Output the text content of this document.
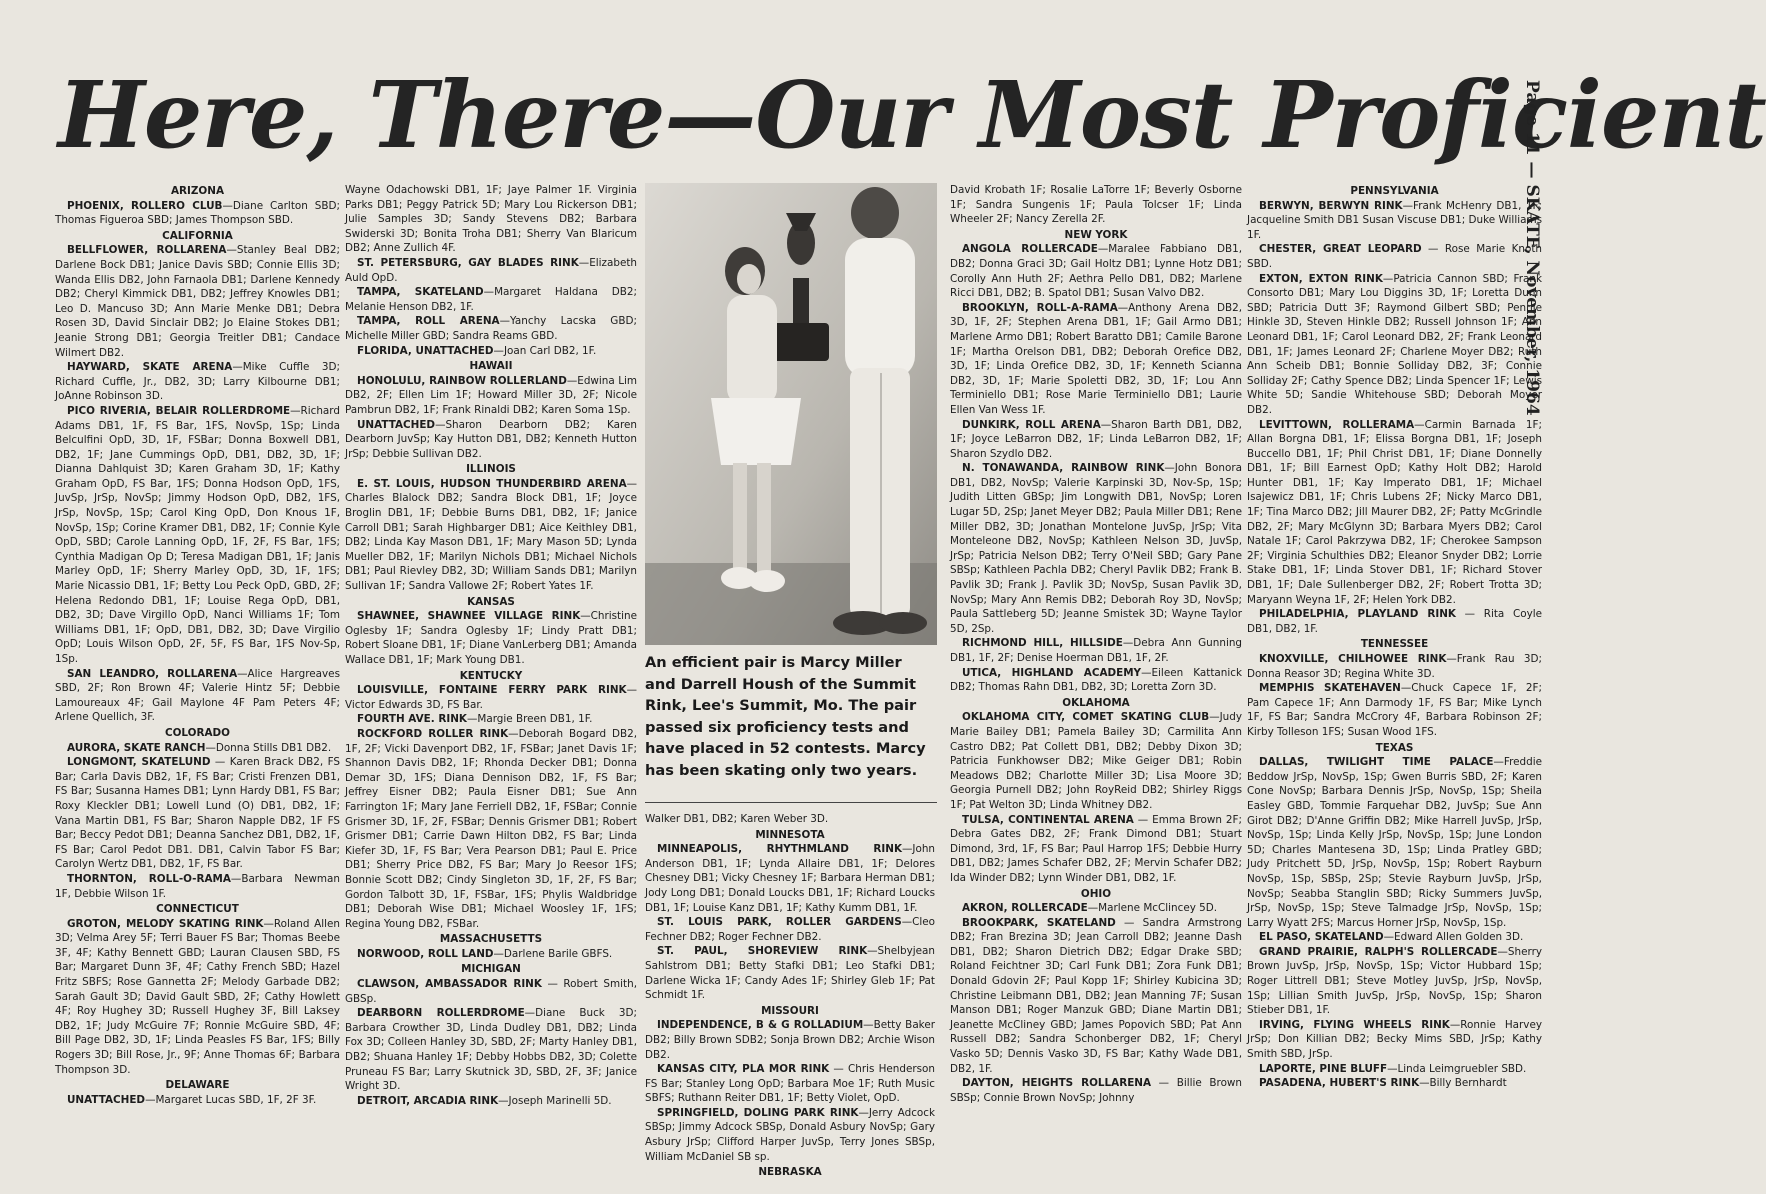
Here, There—Our Most Proficient
Page 11 — SKATE, November, 1964
ARIZONA

PHOENIX, ROLLERO CLUB—Diane Carlton SBD; Thomas Figueroa SBD; James Thompson SBD.

CALIFORNIA

BELLFLOWER, ROLLARENA—Stanley Beal DB2; Darlene Bock DB1; Janice Davis SBD; Connie Ellis 3D; Wanda Ellis DB2, John Farnaola DB1; Darlene Kennedy DB2; Cheryl Kimmick DB1, DB2; Jeffrey Knowles DB1; Leo D. Mancuso 3D; Ann Marie Menke DB1; Debra Rosen 3D, David Sinclair DB2; Jo Elaine Stokes DB1; Jeanie Strong DB1; Georgia Treitler DB1; Candace Wilmert DB2.

HAYWARD, SKATE ARENA—Mike Cuffle 3D; Richard Cuffle, Jr., DB2, 3D; Larry Kilbourne DB1; JoAnne Robinson 3D.

PICO RIVERIA, BELAIR ROLLERDROME—Richard Adams DB1, 1F, FS Bar, 1FS, NovSp, 1Sp; Linda Belculfini OpD, 3D, 1F, FSBar; Donna Boxwell DB1, DB2, 1F; Jane Cummings OpD, DB1, DB2, 3D, 1F; Dianna Dahlquist 3D; Karen Graham 3D, 1F; Kathy Graham OpD, FS Bar, 1FS; Donna Hodson OpD, 1FS, JuvSp, JrSp, NovSp; Jimmy Hodson OpD, DB2, 1FS, JrSp, NovSp, 1Sp; Carol King OpD, Don Knous 1F, NovSp, 1Sp; Corine Kramer DB1, DB2, 1F; Connie Kyle OpD, SBD; Carole Lanning OpD, 1F, 2F, FS Bar, 1FS; Cynthia Madigan Op D; Teresa Madigan DB1, 1F; Janis Marley OpD, 1F; Sherry Marley OpD, 3D, 1F, 1FS; Marie Nicassio DB1, 1F; Betty Lou Peck OpD, GBD, 2F; Helena Redondo DB1, 1F; Louise Rega OpD, DB1, DB2, 3D; Dave Virgillo OpD, Nanci Williams 1F; Tom Williams DB1, 1F; OpD, DB1, DB2, 3D; Dave Virgilio OpD; Louis Wilson OpD, 2F, 5F, FS Bar, 1FS Nov-Sp, 1Sp.

SAN LEANDRO, ROLLARENA—Alice Hargreaves SBD, 2F; Ron Brown 4F; Valerie Hintz 5F; Debbie Lamoureaux 4F; Gail Maylone 4F Pam Peters 4F; Arlene Quellich, 3F.

COLORADO

AURORA, SKATE RANCH—Donna Stills DB1 DB2.

LONGMONT, SKATELUND — Karen Brack DB2, FS Bar; Carla Davis DB2, 1F, FS Bar; Cristi Frenzen DB1, FS Bar; Susanna Hames DB1; Lynn Hardy DB1, FS Bar; Roxy Kleckler DB1; Lowell Lund (O) DB1, DB2, 1F; Vana Martin DB1, FS Bar; Sharon Napple DB2, 1F FS Bar; Beccy Pedot DB1; Deanna Sanchez DB1, DB2, 1F, FS Bar; Carol Pedot DB1. DB1, Calvin Tabor FS Bar; Carolyn Wertz DB1, DB2, 1F, FS Bar.

THORNTON, ROLL-O-RAMA—Barbara Newman 1F, Debbie Wilson 1F.

CONNECTICUT

GROTON, MELODY SKATING RINK—Roland Allen 3D; Velma Arey 5F; Terri Bauer FS Bar; Thomas Beebe 3F, 4F; Kathy Bennett GBD; Lauran Clausen SBD, FS Bar; Margaret Dunn 3F, 4F; Cathy French SBD; Hazel Fritz SBFS; Rose Gannetta 2F; Melody Garbade DB2; Sarah Gault 3D; David Gault SBD, 2F; Cathy Howlett 4F; Roy Hughey 3D; Russell Hughey 3F, Bill Laksey DB2, 1F; Judy McGuire 7F; Ronnie McGuire SBD, 4F; Bill Page DB2, 3D, 1F; Linda Peasles FS Bar, 1FS; Billy Rogers 3D; Bill Rose, Jr., 9F; Anne Thomas 6F; Barbara Thompson 3D.

DELAWARE

UNATTACHED—Margaret Lucas SBD, 1F, 2F 3F.

Wayne Odachowski DB1, 1F; Jaye Palmer 1F. Virginia Parks DB1; Peggy Patrick 5D; Mary Lou Rickerson DB1; Julie Samples 3D; Sandy Stevens DB2; Barbara Swiderski 3D; Bonita Troha DB1; Sherry Van Blaricum DB2; Anne Zullich 4F.

ST. PETERSBURG, GAY BLADES RINK—Elizabeth Auld OpD.

TAMPA, SKATELAND—Margaret Haldana DB2; Melanie Henson DB2, 1F.

TAMPA, ROLL ARENA—Yanchy Lacska GBD; Michelle Miller GBD; Sandra Reams GBD.

FLORIDA, UNATTACHED—Joan Carl DB2, 1F.

HAWAII

HONOLULU, RAINBOW ROLLERLAND—Edwina Lim DB2, 2F; Ellen Lim 1F; Howard Miller 3D, 2F; Nicole Pambrun DB2, 1F; Frank Rinaldi DB2; Karen Soma 1Sp.

UNATTACHED—Sharon Dearborn DB2; Karen Dearborn JuvSp; Kay Hutton DB1, DB2; Kenneth Hutton JrSp; Debbie Sullivan DB2.

ILLINOIS

E. ST. LOUIS, HUDSON THUNDERBIRD ARENA—Charles Blalock DB2; Sandra Block DB1, 1F; Joyce Broglin DB1, 1F; Debbie Burns DB1, DB2, 1F; Janice Carroll DB1; Sarah Highbarger DB1; Aice Keithley DB1, DB2; Linda Kay Mason DB1, 1F; Mary Mason 5D; Lynda Mueller DB2, 1F; Marilyn Nichols DB1; Michael Nichols DB1; Paul Rievley DB2, 3D; William Sands DB1; Marilyn Sullivan 1F; Sandra Vallowe 2F; Robert Yates 1F.

KANSAS

SHAWNEE, SHAWNEE VILLAGE RINK—Christine Oglesby 1F; Sandra Oglesby 1F; Lindy Pratt DB1; Robert Sloane DB1, 1F; Diane VanLerberg DB1; Amanda Wallace DB1, 1F; Mark Young DB1.

KENTUCKY

LOUISVILLE, FONTAINE FERRY PARK RINK—Victor Edwards 3D, FS Bar.

FOURTH AVE. RINK—Margie Breen DB1, 1F.

ROCKFORD ROLLER RINK—Deborah Bogard DB2, 1F, 2F; Vicki Davenport DB2, 1F, FSBar; Janet Davis 1F; Shannon Davis DB2, 1F; Rhonda Decker DB1; Donna Demar 3D, 1FS; Diana Dennison DB2, 1F, FS Bar; Jeffrey Eisner DB2; Paula Eisner DB1; Sue Ann Farrington 1F; Mary Jane Ferriell DB2, 1F, FSBar; Connie Grismer 3D, 1F, 2F, FSBar; Dennis Grismer DB1; Robert Grismer DB1; Carrie Dawn Hilton DB2, FS Bar; Linda Kiefer 3D, 1F, FS Bar; Vera Pearson DB1; Paul E. Price DB1; Sherry Price DB2, FS Bar; Mary Jo Reesor 1FS; Bonnie Scott DB2; Cindy Singleton 3D, 1F, 2F, FS Bar; Gordon Talbott 3D, 1F, FSBar, 1FS; Phylis Waldbridge DB1; Deborah Wise DB1; Michael Woosley 1F, 1FS; Regina Young DB2, FSBar.

MASSACHUSETTS

NORWOOD, ROLL LAND—Darlene Barile GBFS.

MICHIGAN

CLAWSON, AMBASSADOR RINK — Robert Smith, GBSp.

DEARBORN ROLLERDROME—Diane Buck 3D; Barbara Crowther 3D, Linda Dudley DB1, DB2; Linda Fox 3D; Colleen Hanley 3D, SBD, 2F; Marty Hanley DB1, DB2; Shuana Hanley 1F; Debby Hobbs DB2, 3D; Colette Pruneau FS Bar; Larry Skutnick 3D, SBD, 2F, 3F; Janice Wright 3D.

DETROIT, ARCADIA RINK—Joseph Marinelli 5D.

An efficient pair is Marcy Miller and Darrell Housh of the Summit Rink, Lee's Summit, Mo. The pair passed six proficiency tests and have placed in 52 contests. Marcy has been skating only two years.

Walker DB1, DB2; Karen Weber 3D.

MINNESOTA

MINNEAPOLIS, RHYTHMLAND RINK—John Anderson DB1, 1F; Lynda Allaire DB1, 1F; Delores Chesney DB1; Vicky Chesney 1F; Barbara Herman DB1; Jody Long DB1; Donald Loucks DB1, 1F; Richard Loucks DB1, 1F; Louise Kanz DB1, 1F; Kathy Kumm DB1, 1F.

ST. LOUIS PARK, ROLLER GARDENS—Cleo Fechner DB2; Roger Fechner DB2.

ST. PAUL, SHOREVIEW RINK—Shelbyjean Sahlstrom DB1; Betty Stafki DB1; Leo Stafki DB1; Darlene Wicka 1F; Candy Ades 1F; Shirley Gleb 1F; Pat Schmidt 1F.

MISSOURI

INDEPENDENCE, B & G ROLLADIUM—Betty Baker DB2; Billy Brown SDB2; Sonja Brown DB2; Archie Wison DB2.

KANSAS CITY, PLA MOR RINK — Chris Henderson FS Bar; Stanley Long OpD; Barbara Moe 1F; Ruth Music SBFS; Ruthann Reiter DB1, 1F; Betty Violet, OpD.

SPRINGFIELD, DOLING PARK RINK—Jerry Adcock SBSp; Jimmy Adcock SBSp, Donald Asbury NovSp; Gary Asbury JrSp; Clifford Harper JuvSp, Terry Jones SBSp, William McDaniel SB sp.

NEBRASKA

David Krobath 1F; Rosalie LaTorre 1F; Beverly Osborne 1F; Sandra Sungenis 1F; Paula Tolcser 1F; Linda Wheeler 2F; Nancy Zerella 2F.

NEW YORK

ANGOLA ROLLERCADE—Maralee Fabbiano DB1, DB2; Donna Graci 3D; Gail Holtz DB1; Lynne Hotz DB1; Corolly Ann Huth 2F; Aethra Pello DB1, DB2; Marlene Ricci DB1, DB2; B. Spatol DB1; Susan Valvo DB2.

BROOKLYN, ROLL-A-RAMA—Anthony Arena DB2, 3D, 1F, 2F; Stephen Arena DB1, 1F; Gail Armo DB1; Marlene Armo DB1; Robert Baratto DB1; Camile Barone 1F; Martha Orelson DB1, DB2; Deborah Orefice DB2, 3D, 1F; Linda Orefice DB2, 3D, 1F; Kenneth Scianna DB2, 3D, 1F; Marie Spoletti DB2, 3D, 1F; Lou Ann Terminiello DB1; Rose Marie Terminiello DB1; Laurie Ellen Van Wess 1F.

DUNKIRK, ROLL ARENA—Sharon Barth DB1, DB2, 1F; Joyce LeBarron DB2, 1F; Linda LeBarron DB2, 1F; Sharon Szydlo DB2.

N. TONAWANDA, RAINBOW RINK—John Bonora DB1, DB2, NovSp; Valerie Karpinski 3D, Nov-Sp, 1Sp; Judith Litten GBSp; Jim Longwith DB1, NovSp; Loren Lugar 5D, 2Sp; Janet Meyer DB2; Paula Miller DB1; Rene Miller DB2, 3D; Jonathan Montelone JuvSp, JrSp; Vita Monteleone DB2, NovSp; Kathleen Nelson 3D, JuvSp, JrSp; Patricia Nelson DB2; Terry O'Neil SBD; Gary Pane SBSp; Kathleen Pachla DB2; Cheryl Pavlik DB2; Frank B. Pavlik 3D; Frank J. Pavlik 3D; NovSp, Susan Pavlik 3D, NovSp; Mary Ann Remis DB2; Deborah Roy 3D, NovSp; Paula Sattleberg 5D; Jeanne Smistek 3D; Wayne Taylor 5D, 2Sp.

RICHMOND HILL, HILLSIDE—Debra Ann Gunning DB1, 1F, 2F; Denise Hoerman DB1, 1F, 2F.

UTICA, HIGHLAND ACADEMY—Eileen Kattanick DB2; Thomas Rahn DB1, DB2, 3D; Loretta Zorn 3D.

OKLAHOMA

OKLAHOMA CITY, COMET SKATING CLUB—Judy Marie Bailey DB1; Pamela Bailey 3D; Carmilita Ann Castro DB2; Pat Collett DB1, DB2; Debby Dixon 3D; Patricia Funkhowser DB2; Mike Geiger DB1; Robin Meadows DB2; Charlotte Miller 3D; Lisa Moore 3D; Georgia Purnell DB2; John RoyReid DB2; Shirley Riggs 1F; Pat Welton 3D; Linda Whitney DB2.

TULSA, CONTINENTAL ARENA — Emma Brown 2F; Debra Gates DB2, 2F; Frank Dimond DB1; Stuart Dimond, 3rd, 1F, FS Bar; Paul Harrop 1FS; Debbie Hurry DB1, DB2; James Schafer DB2, 2F; Mervin Schafer DB2; Ida Winder DB2; Lynn Winder DB1, DB2, 1F.

OHIO

AKRON, ROLLERCADE—Marlene McClincey 5D.

BROOKPARK, SKATELAND — Sandra Armstrong DB2; Fran Brezina 3D; Jean Carroll DB2; Jeanne Dash DB1, DB2; Sharon Dietrich DB2; Edgar Drake SBD; Roland Feichtner 3D; Carl Funk DB1; Zora Funk DB1; Donald Gdovin 2F; Paul Kopp 1F; Shirley Kubicina 3D; Christine Leibmann DB1, DB2; Jean Manning 7F; Susan Manson DB1; Roger Manzuk GBD; Diane Martin DB1; Jeanette McCliney GBD; James Popovich SBD; Pat Ann Russell DB2; Sandra Schonberger DB2, 1F; Cheryl Vasko 5D; Dennis Vasko 3D, FS Bar; Kathy Wade DB1, DB2, 1F.

DAYTON, HEIGHTS ROLLARENA — Billie Brown SBSp; Connie Brown NovSp; Johnny

PENNSYLVANIA

BERWYN, BERWYN RINK—Frank McHenry DB1, 1F; Jacqueline Smith DB1 Susan Viscuse DB1; Duke Williams 1F.

CHESTER, GREAT LEOPARD — Rose Marie Knoth SBD.

EXTON, EXTON RINK—Patricia Cannon SBD; Frank Consorto DB1; Mary Lou Diggins 3D, 1F; Loretta Dunn SBD; Patricia Dutt 3F; Raymond Gilbert SBD; Pennie Hinkle 3D, Steven Hinkle DB2; Russell Johnson 1F; Ann Leonard DB1, 1F; Carol Leonard DB2, 2F; Frank Leonard DB1, 1F; James Leonard 2F; Charlene Moyer DB2; Ruth Ann Scheib DB1; Bonnie Solliday DB2, 3F; Connie Solliday 2F; Cathy Spence DB2; Linda Spencer 1F; Lewis White 5D; Sandie Whitehouse SBD; Deborah Moyer DB2.

LEVITTOWN, ROLLERAMA—Carmin Barnada 1F; Allan Borgna DB1, 1F; Elissa Borgna DB1, 1F; Joseph Buccello DB1, 1F; Phil Christ DB1, 1F; Diane Donnelly DB1, 1F; Bill Earnest OpD; Kathy Holt DB2; Harold Hunter DB1, 1F; Kay Imperato DB1, 1F; Michael Isajewicz DB1, 1F; Chris Lubens 2F; Nicky Marco DB1, 1F; Tina Marco DB2; Jill Maurer DB2, 2F; Patty McGrindle DB2, 2F; Mary McGlynn 3D; Barbara Myers DB2; Carol Natale 1F; Carol Pakrzywa DB2, 1F; Cherokee Sampson 2F; Virginia Schulthies DB2; Eleanor Snyder DB2; Lorrie Stake DB1, 1F; Linda Stover DB1, 1F; Richard Stover DB1, 1F; Dale Sullenberger DB2, 2F; Robert Trotta 3D; Maryann Weyna 1F, 2F; Helen York DB2.

PHILADELPHIA, PLAYLAND RINK — Rita Coyle DB1, DB2, 1F.

TENNESSEE

KNOXVILLE, CHILHOWEE RINK—Frank Rau 3D; Donna Reasor 3D; Regina White 3D.

MEMPHIS SKATEHAVEN—Chuck Capece 1F, 2F; Pam Capece 1F; Ann Darmody 1F, FS Bar; Mike Lynch 1F, FS Bar; Sandra McCrory 4F, Barbara Robinson 2F; Kirby Tolleson 1FS; Susan Wood 1FS.

TEXAS

DALLAS, TWILIGHT TIME PALACE—Freddie Beddow JrSp, NovSp, 1Sp; Gwen Burris SBD, 2F; Karen Cone NovSp; Barbara Dennis JrSp, NovSp, 1Sp; Sheila Easley GBD, Tommie Farquehar DB2, JuvSp; Sue Ann Girot DB2; D'Anne Griffin DB2; Mike Harrell JuvSp, JrSp, NovSp, 1Sp; Linda Kelly JrSp, NovSp, 1Sp; June London 5D; Charles Mantesena 3D, 1Sp; Linda Pratley GBD; Judy Pritchett 5D, JrSp, NovSp, 1Sp; Robert Rayburn NovSp, 1Sp, SBSp, 2Sp; Stevie Rayburn JuvSp, JrSp, NovSp; Seabba Stanglin SBD; Ricky Summers JuvSp, JrSp, NovSp, 1Sp; Steve Talmadge JrSp, NovSp, 1Sp; Larry Wyatt 2FS; Marcus Horner JrSp, NovSp, 1Sp.

EL PASO, SKATELAND—Edward Allen Golden 3D.

GRAND PRAIRIE, RALPH'S ROLLERCADE—Sherry Brown JuvSp, JrSp, NovSp, 1Sp; Victor Hubbard 1Sp; Roger Littrell DB1; Steve Motley JuvSp, JrSp, NovSp, 1Sp; Lillian Smith JuvSp, JrSp, NovSp, 1Sp; Sharon Stieber DB1, 1F.

IRVING, FLYING WHEELS RINK—Ronnie Harvey JrSp; Don Killian DB2; Becky Mims SBD, JrSp; Kathy Smith SBD, JrSp.

LAPORTE, PINE BLUFF—Linda Leimgruebler SBD.

PASADENA, HUBERT'S RINK—Billy Bernhardt
